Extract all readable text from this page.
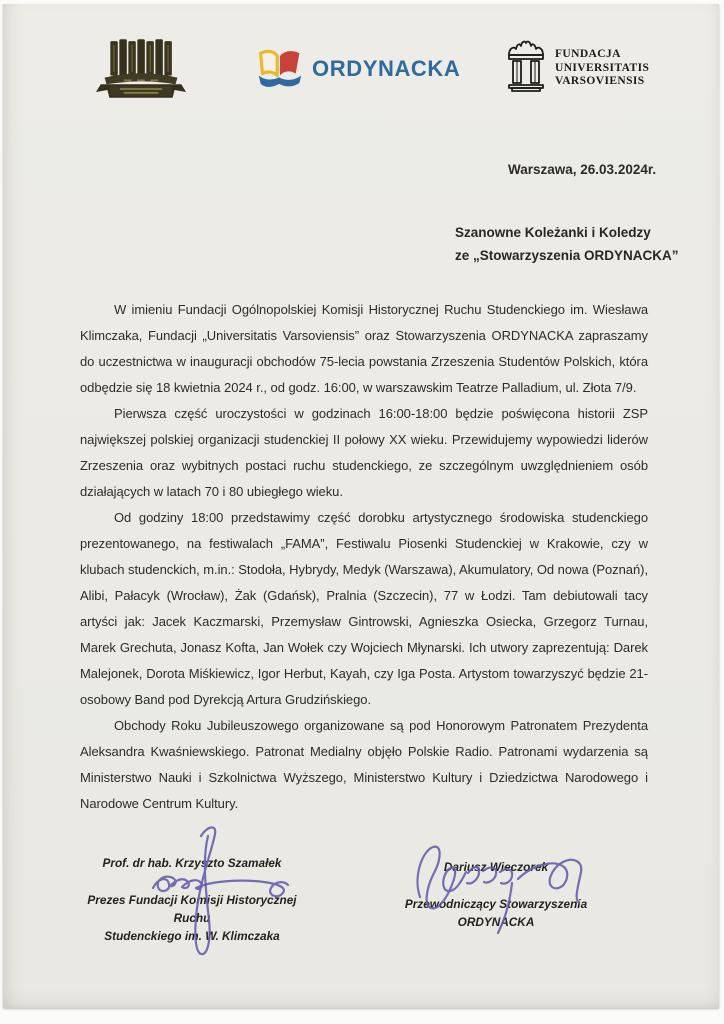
ORDYNACKA
FUNDACJA
UNIVERSITATIS
VARSOVIENSIS
Warszawa, 26.03.2024r.
Szanowne Koleżanki i Koledzy
ze „Stowarzyszenia ORDYNACKA”

W imieniu Fundacji Ogólnopolskiej Komisji Historycznej Ruchu Studenckiego im. Wiesława Klimczaka, Fundacji „Universitatis Varsoviensis” oraz Stowarzyszenia ORDYNACKA zapraszamy do uczestnictwa w inauguracji obchodów 75-lecia powstania Zrzeszenia Studentów Polskich, która odbędzie się 18 kwietnia 2024 r., od godz. 16:00, w warszawskim Teatrze Palladium, ul. Złota 7/9.

Pierwsza część uroczystości w godzinach 16:00-18:00 będzie poświęcona historii ZSP największej polskiej organizacji studenckiej II połowy XX wieku. Przewidujemy wypowiedzi liderów Zrzeszenia oraz wybitnych postaci ruchu studenckiego, ze szczególnym uwzględnieniem osób działających w latach 70 i 80 ubiegłego wieku.

Od godziny 18:00 przedstawimy część dorobku artystycznego środowiska studenckiego prezentowanego, na festiwalach „FAMA”, Festiwalu Piosenki Studenckiej w Krakowie, czy w klubach studenckich, m.in.: Stodoła, Hybrydy, Medyk (Warszawa), Akumulatory, Od nowa (Poznań), Alibi, Pałacyk (Wrocław), Żak (Gdańsk), Pralnia (Szczecin), 77 w Łodzi. Tam debiutowali tacy artyści jak: Jacek Kaczmarski, Przemysław Gintrowski, Agnieszka Osiecka, Grzegorz Turnau, Marek Grechuta, Jonasz Kofta, Jan Wołek czy Wojciech Młynarski. Ich utwory zaprezentują: Darek Malejonek, Dorota Miśkiewicz, Igor Herbut, Kayah, czy Iga Posta. Artystom towarzyszyć będzie 21-osobowy Band pod Dyrekcją Artura Grudzińskiego.

Obchody Roku Jubileuszowego organizowane są pod Honorowym Patronatem Prezydenta Aleksandra Kwaśniewskiego. Patronat Medialny objęło Polskie Radio. Patronami wydarzenia są Ministerstwo Nauki i Szkolnictwa Wyższego, Ministerstwo Kultury i Dziedzictwa Narodowego i Narodowe Centrum Kultury.

Prof. dr hab. Krzyszto Szamałek
Prezes Fundacji Komisji Historycznej Ruchu
Studenckiego im. W. Klimczaka
Dariusz Wieczorek
Przewodniczący Stowarzyszenia ORDYNACKA
